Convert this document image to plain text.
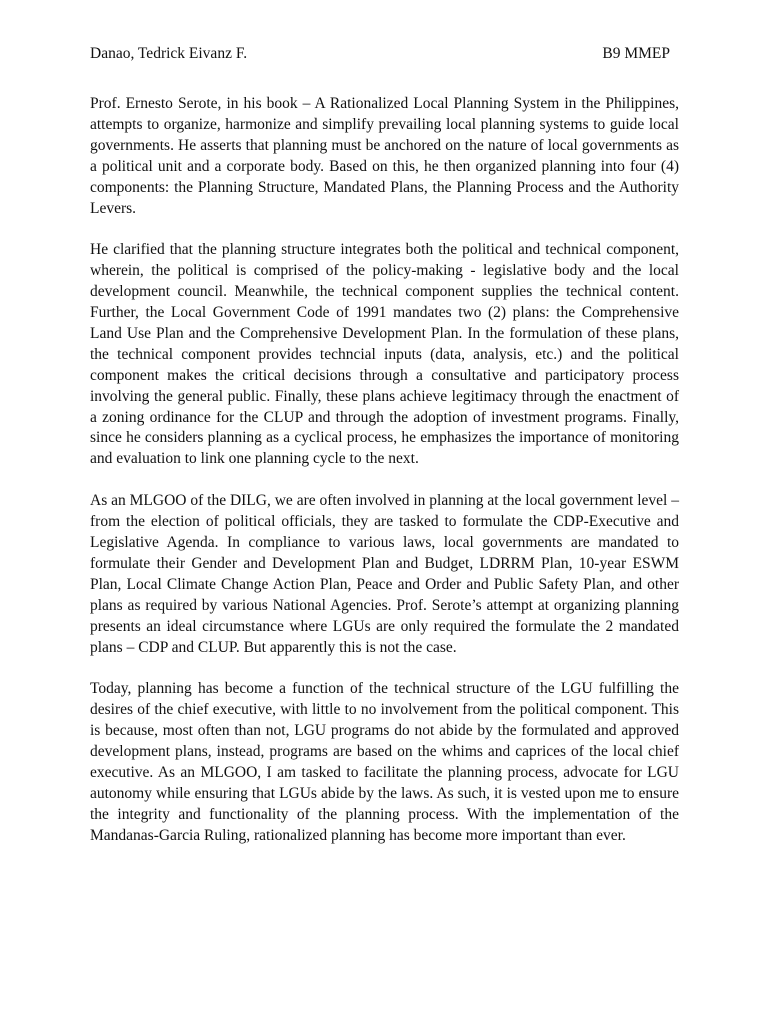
Danao, Tedrick Eivanz F.	B9 MMEP

Prof. Ernesto Serote, in his book – A Rationalized Local Planning System in the Philippines, attempts to organize, harmonize and simplify prevailing local planning systems to guide local governments. He asserts that planning must be anchored on the nature of local governments as a political unit and a corporate body. Based on this, he then organized planning into four (4) components: the Planning Structure, Mandated Plans, the Planning Process and the Authority Levers.

He clarified that the planning structure integrates both the political and technical component, wherein, the political is comprised of the policy-making - legislative body and the local development council. Meanwhile, the technical component supplies the technical content. Further, the Local Government Code of 1991 mandates two (2) plans: the Comprehensive Land Use Plan and the Comprehensive Development Plan. In the formulation of these plans, the technical component provides techncial inputs (data, analysis, etc.) and the political component makes the critical decisions through a consultative and participatory process involving the general public. Finally, these plans achieve legitimacy through the enactment of a zoning ordinance for the CLUP and through the adoption of investment programs. Finally, since he considers planning as a cyclical process, he emphasizes the importance of monitoring and evaluation to link one planning cycle to the next.

As an MLGOO of the DILG, we are often involved in planning at the local government level – from the election of political officials, they are tasked to formulate the CDP-Executive and Legislative Agenda. In compliance to various laws, local governments are mandated to formulate their Gender and Development Plan and Budget, LDRRM Plan, 10-year ESWM Plan, Local Climate Change Action Plan, Peace and Order and Public Safety Plan, and other plans as required by various National Agencies. Prof. Serote’s attempt at organizing planning presents an ideal circumstance where LGUs are only required the formulate the 2 mandated plans – CDP and CLUP. But apparently this is not the case.

Today, planning has become a function of the technical structure of the LGU fulfilling the desires of the chief executive, with little to no involvement from the political component. This is because, most often than not, LGU programs do not abide by the formulated and approved development plans, instead, programs are based on the whims and caprices of the local chief executive. As an MLGOO, I am tasked to facilitate the planning process, advocate for LGU autonomy while ensuring that LGUs abide by the laws. As such, it is vested upon me to ensure the integrity and functionality of the planning process. With the implementation of the Mandanas-Garcia Ruling, rationalized planning has become more important than ever.
